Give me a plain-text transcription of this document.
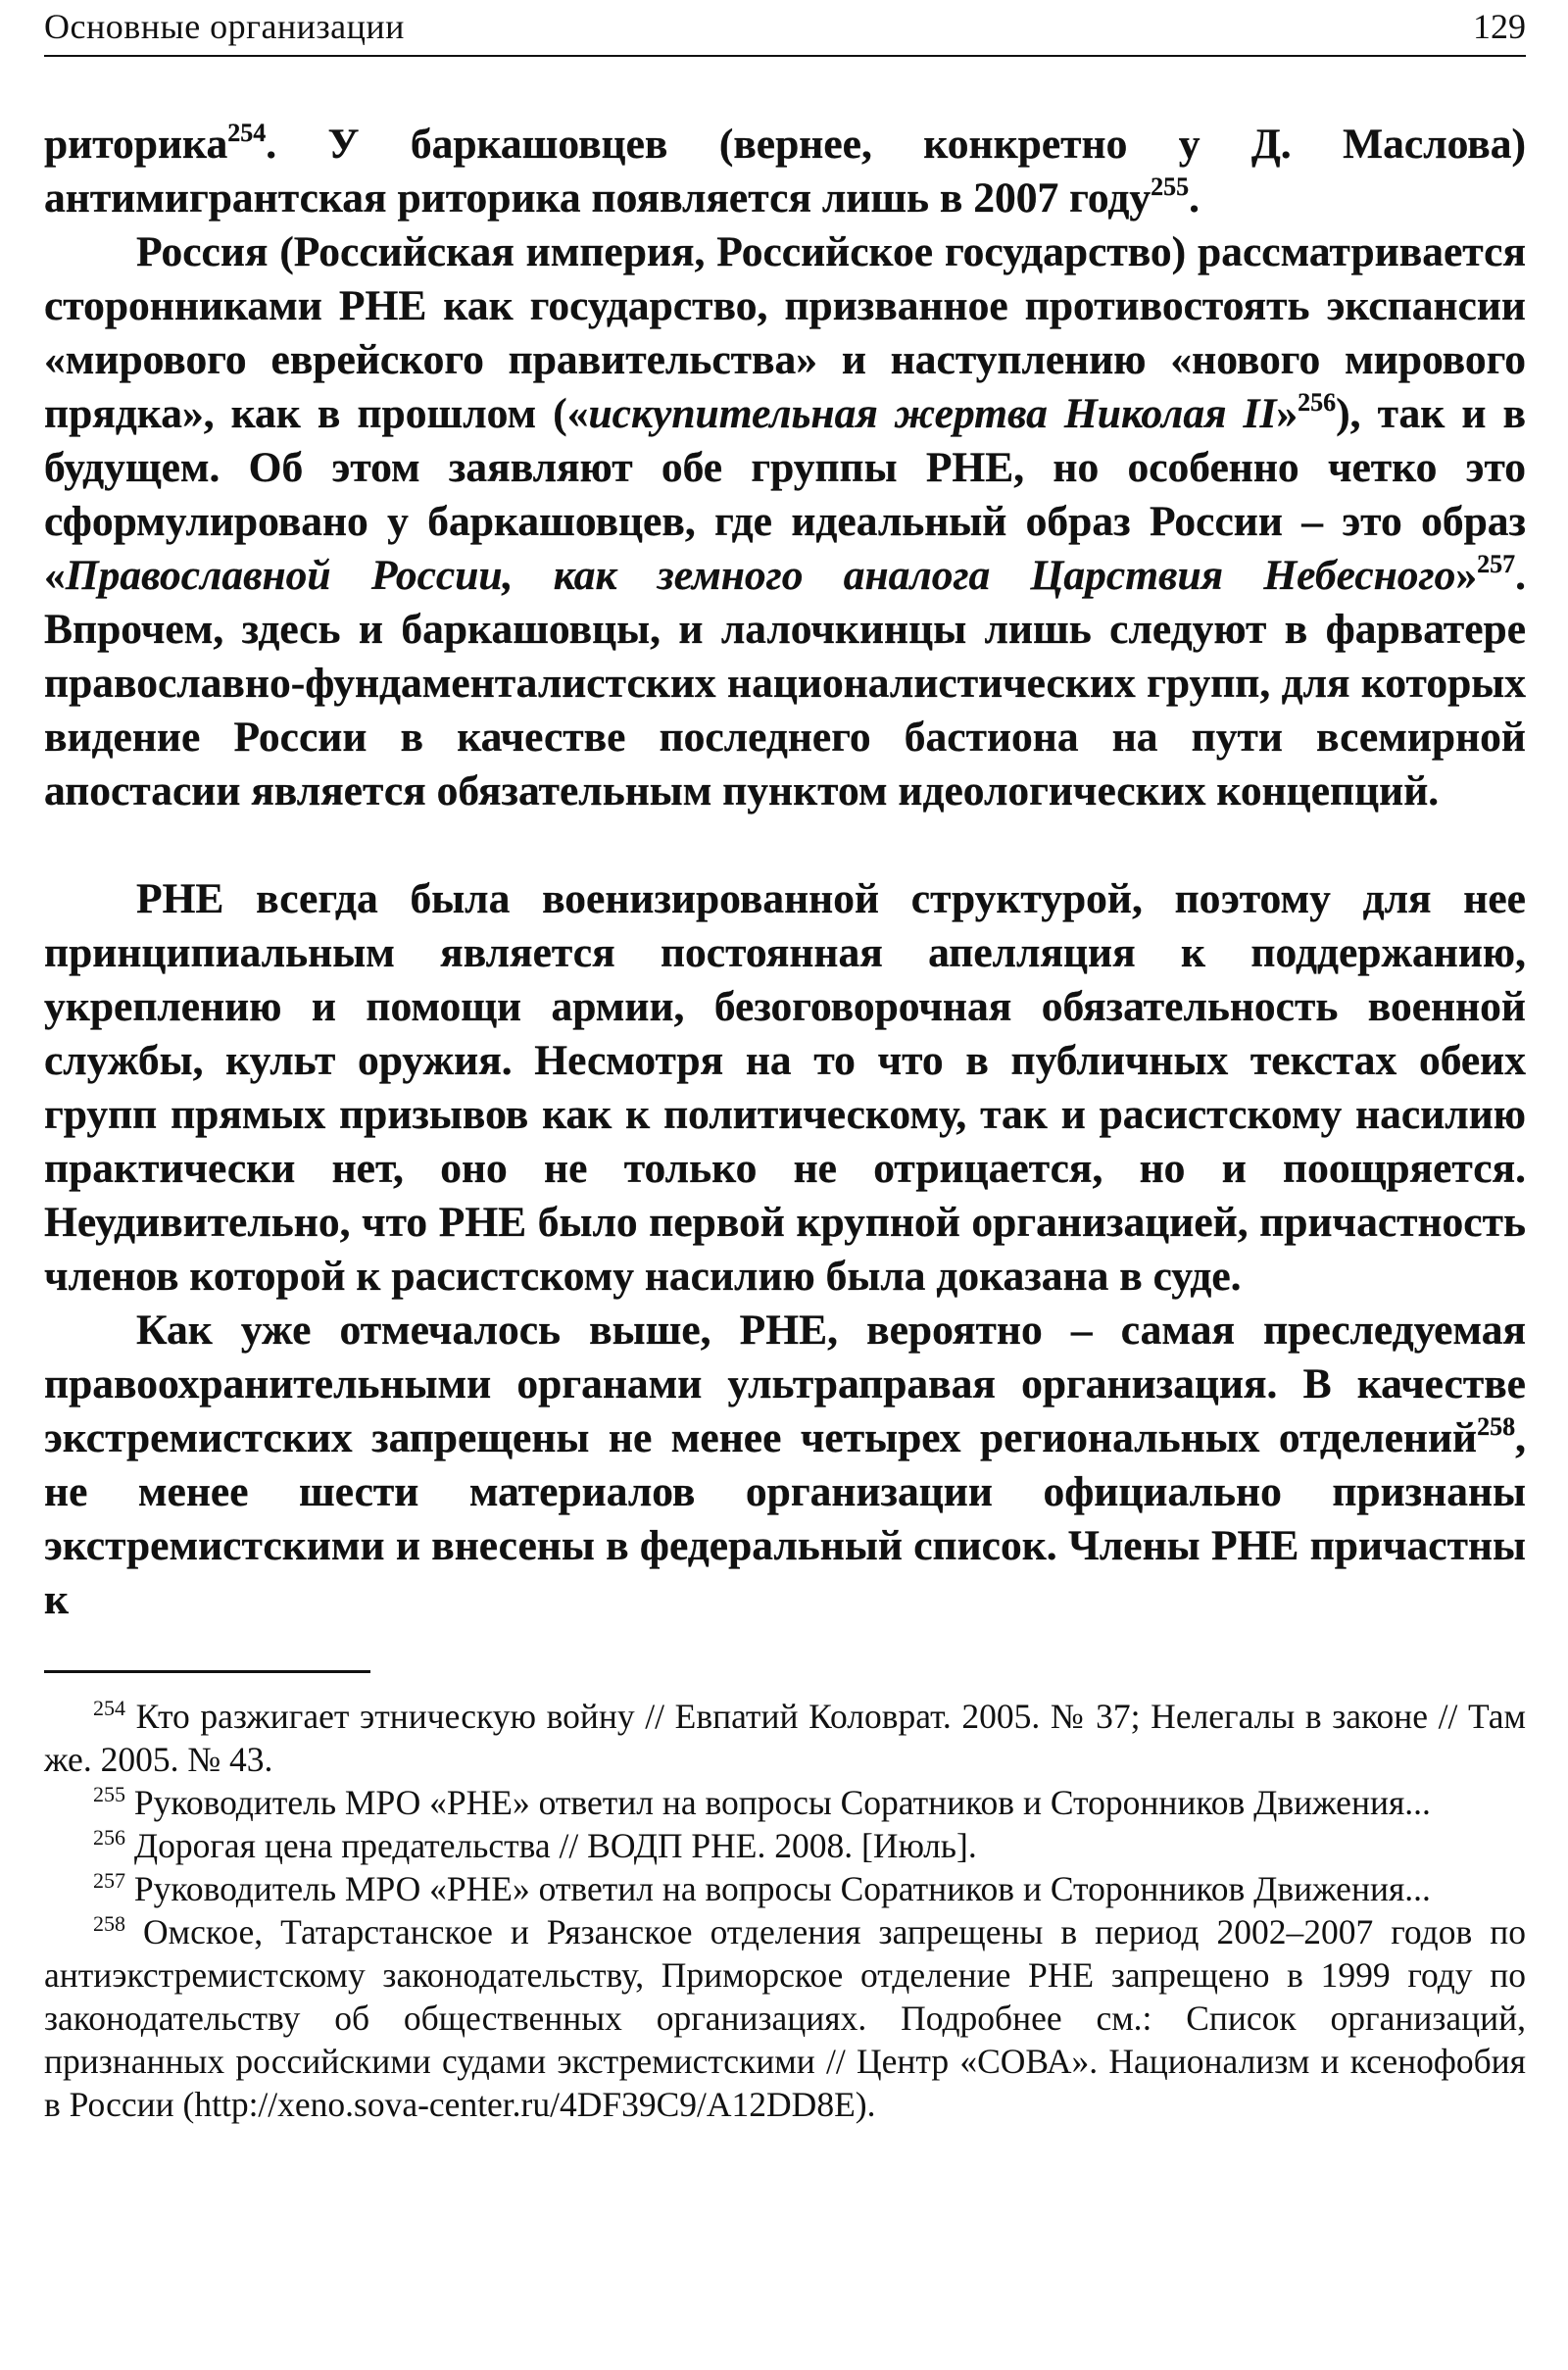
Основные организации	129

риторика$^{254}$. У баркашовцев (вернее, конкретно у Д. Маслова) антимигрантская риторика появляется лишь в 2007 году$^{255}$.

Россия (Российская империя, Российское государство) рассматривается сторонниками РНЕ как государство, призванное противостоять экспансии «мирового еврейского правительства» и наступлению «нового мирового прядка», как в прошлом («искупительная жертва Николая II»$^{256}$), так и в будущем. Об этом заявляют обе группы РНЕ, но особенно четко это сформулировано у баркашовцев, где идеальный образ России – это образ «Православной России, как земного аналога Царствия Небесного»$^{257}$. Впрочем, здесь и баркашовцы, и лалочкинцы лишь следуют в фарватере православно-фундаменталистских националистических групп, для которых видение России в качестве последнего бастиона на пути всемирной апостасии является обязательным пунктом идеологических концепций.

РНЕ всегда была военизированной структурой, поэтому для нее принципиальным является постоянная апелляция к поддержанию, укреплению и помощи армии, безоговорочная обязательность военной службы, культ оружия. Несмотря на то что в публичных текстах обеих групп прямых призывов как к политическому, так и расистскому насилию практически нет, оно не только не отрицается, но и поощряется. Неудивительно, что РНЕ было первой крупной организацией, причастность членов которой к расистскому насилию была доказана в суде.

Как уже отмечалось выше, РНЕ, вероятно – самая преследуемая правоохранительными органами ультраправая организация. В качестве экстремистских запрещены не менее четырех региональных отделений$^{258}$, не менее шести материалов организации официально признаны экстремистскими и внесены в федеральный список. Члены РНЕ причастны к

$^{254}$ Кто разжигает этническую войну // Евпатий Коловрат. 2005. № 37; Нелегалы в законе // Там же. 2005. № 43.

$^{255}$ Руководитель МРО «РНЕ» ответил на вопросы Соратников и Сторонников Движения...

$^{256}$ Дорогая цена предательства // ВОДП РНЕ. 2008. [Июль].

$^{257}$ Руководитель МРО «РНЕ» ответил на вопросы Соратников и Сторонников Движения...

$^{258}$ Омское, Татарстанское и Рязанское отделения запрещены в период 2002–2007 годов по антиэкстремистскому законодательству, Приморское отделение РНЕ запрещено в 1999 году по законодательству об общественных организациях. Подробнее см.: Список организаций, признанных российскими судами экстремистскими // Центр «СОВА». Национализм и ксенофобия в России (http://xeno.sova-center.ru/4DF39C9/A12DD8E).
